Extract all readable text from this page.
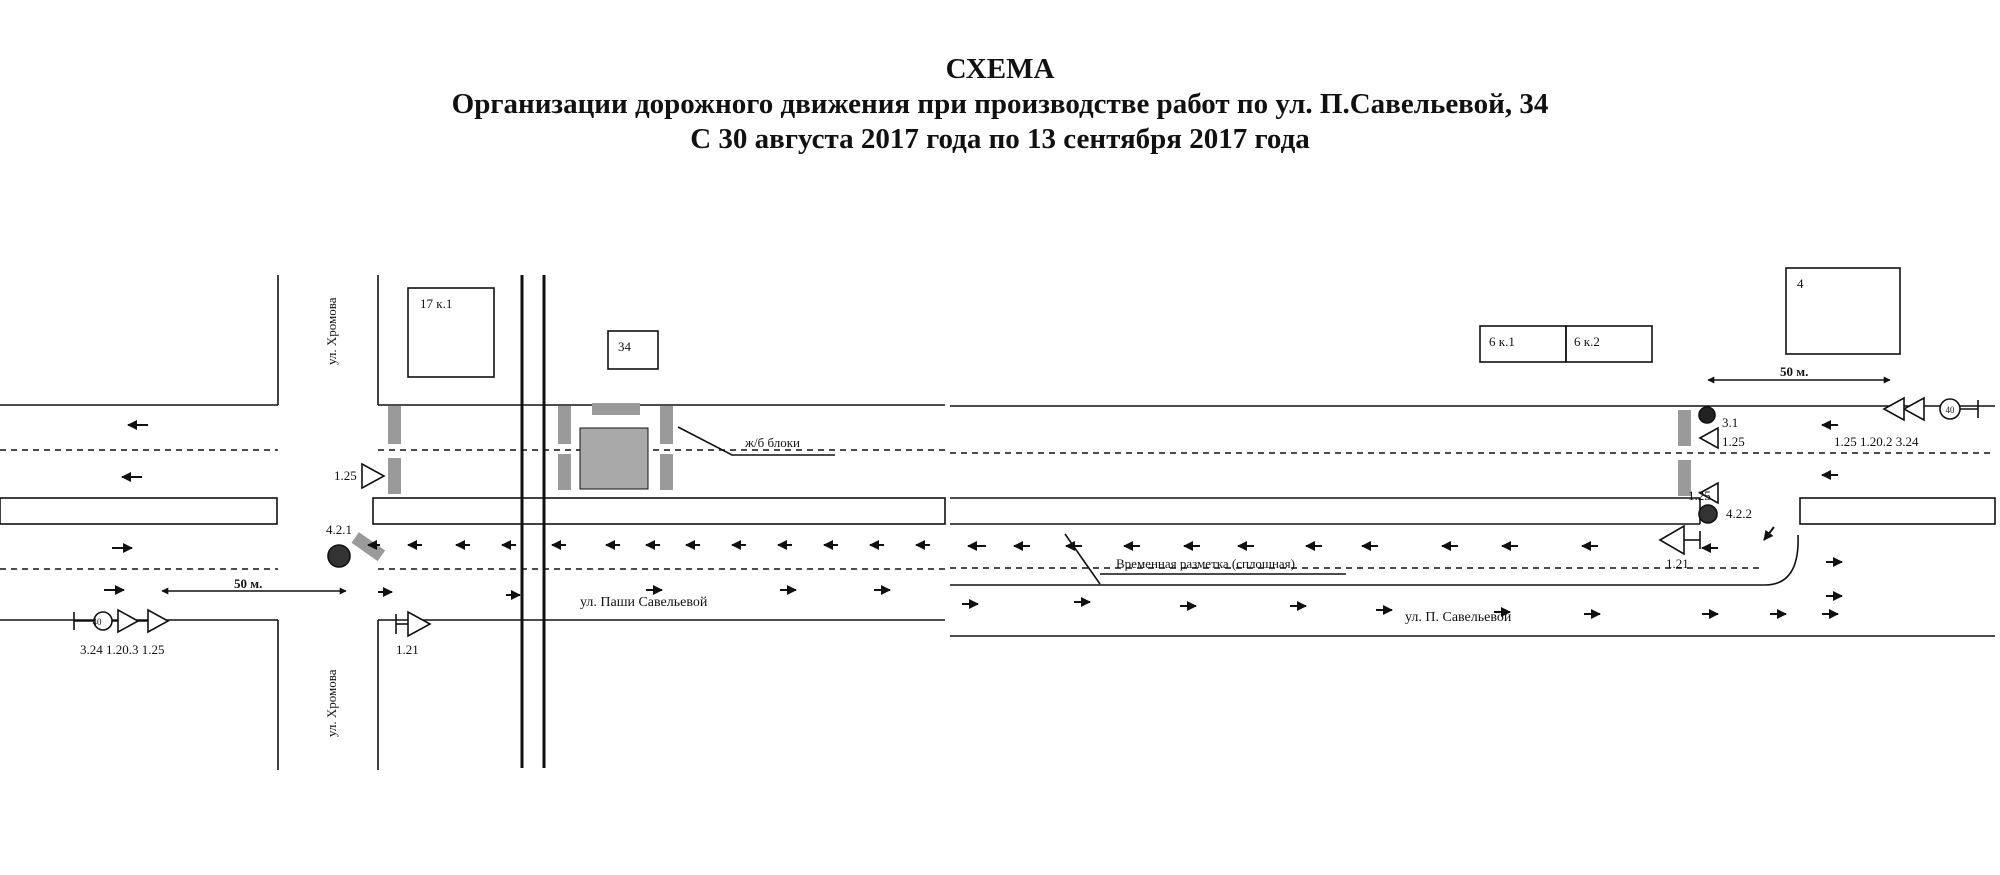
СХЕМА
Организации дорожного движения при производстве работ по ул. П.Савельевой, 34
С 30 августа 2017 года по 13 сентября 2017 года
40
40
ул. Хромова
ул. Хромова
ул. Паши Савельевой
ул. П. Савельевой
17 к.1
34	6 к.1	6 к.2
4
ж/б блоки
Временная разметка (сплошная)
50 м.
50 м.
3.24 1.20.3 1.25
1.25
4.2.1
1.21
3.1
1.25	1.25 1.20.2 3.24
1.25
4.2.2
1.21
